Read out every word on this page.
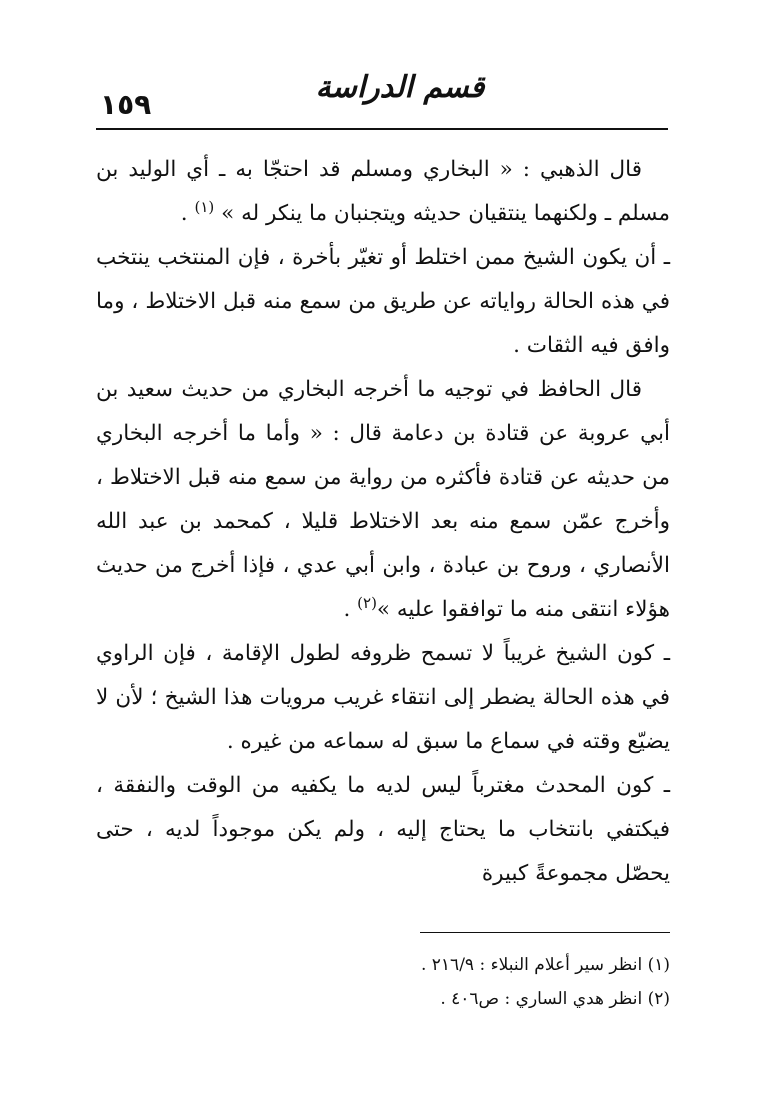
١٥٩	قسم الدراسة

قال الذهبي : « البخاري ومسلم قد احتجّا به ـ أي الوليد بن مسلم ـ ولكنهما ينتقيان حديثه ويتجنبان ما ينكر له » $^{(١)}$ .

ـ أن يكون الشيخ ممن اختلط أو تغيّر بأخرة ، فإن المنتخب ينتخب في هذه الحالة رواياته عن طريق من سمع منه قبل الاختلاط ، وما وافق فيه الثقات .

قال الحافظ في توجيه ما أخرجه البخاري من حديث سعيد بن أبي عروبة عن قتادة بن دعامة قال : « وأما ما أخرجه البخاري من حديثه عن قتادة فأكثره من رواية من سمع منه قبل الاختلاط ، وأخرج عمّن سمع منه بعد الاختلاط قليلا ، كمحمد بن عبد الله الأنصاري ، وروح بن عبادة ، وابن أبي عدي ، فإذا أخرج من حديث هؤلاء انتقى منه ما توافقوا عليه »$^{(٢)}$ .

ـ كون الشيخ غريباً لا تسمح ظروفه لطول الإقامة ، فإن الراوي في هذه الحالة يضطر إلى انتقاء غريب مرويات هذا الشيخ ؛ لأن لا يضيّع وقته في سماع ما سبق له سماعه من غيره .

ـ كون المحدث مغترباً ليس لديه ما يكفيه من الوقت والنفقة ، فيكتفي بانتخاب ما يحتاج إليه ، ولم يكن موجوداً لديه ، حتى يحصّل مجموعةً كبيرة

(١) انظر سير أعلام النبلاء : ٢١٦/٩ .
(٢) انظر هدي الساري : ص٤٠٦ .
